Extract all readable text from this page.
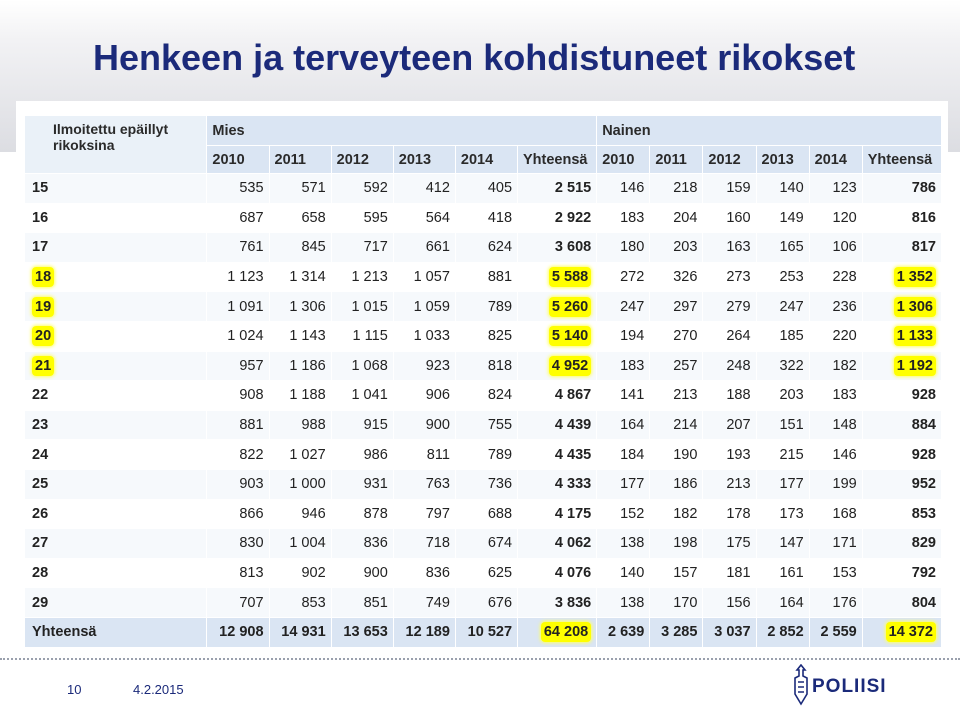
Henkeen ja terveyteen kohdistuneet rikokset
Ilmoitettu epäillyt rikoksina	Mies						Nainen					
	2010	2011	2012	2013	2014	Yhteensä	2010	2011	2012	2013	2014	Yhteensä
15	535	571	592	412	405	2 515	146	218	159	140	123	786
16	687	658	595	564	418	2 922	183	204	160	149	120	816
17	761	845	717	661	624	3 608	180	203	163	165	106	817
18	1 123	1 314	1 213	1 057	881	5 588	272	326	273	253	228	1 352
19	1 091	1 306	1 015	1 059	789	5 260	247	297	279	247	236	1 306
20	1 024	1 143	1 115	1 033	825	5 140	194	270	264	185	220	1 133
21	957	1 186	1 068	923	818	4 952	183	257	248	322	182	1 192
22	908	1 188	1 041	906	824	4 867	141	213	188	203	183	928
23	881	988	915	900	755	4 439	164	214	207	151	148	884
24	822	1 027	986	811	789	4 435	184	190	193	215	146	928
25	903	1 000	931	763	736	4 333	177	186	213	177	199	952
26	866	946	878	797	688	4 175	152	182	178	173	168	853
27	830	1 004	836	718	674	4 062	138	198	175	147	171	829
28	813	902	900	836	625	4 076	140	157	181	161	153	792
29	707	853	851	749	676	3 836	138	170	156	164	176	804
Yhteensä	12 908	14 931	13 653	12 189	10 527	64 208	2 639	3 285	3 037	2 852	2 559	14 372
10	4.2.2015	POLIISI
